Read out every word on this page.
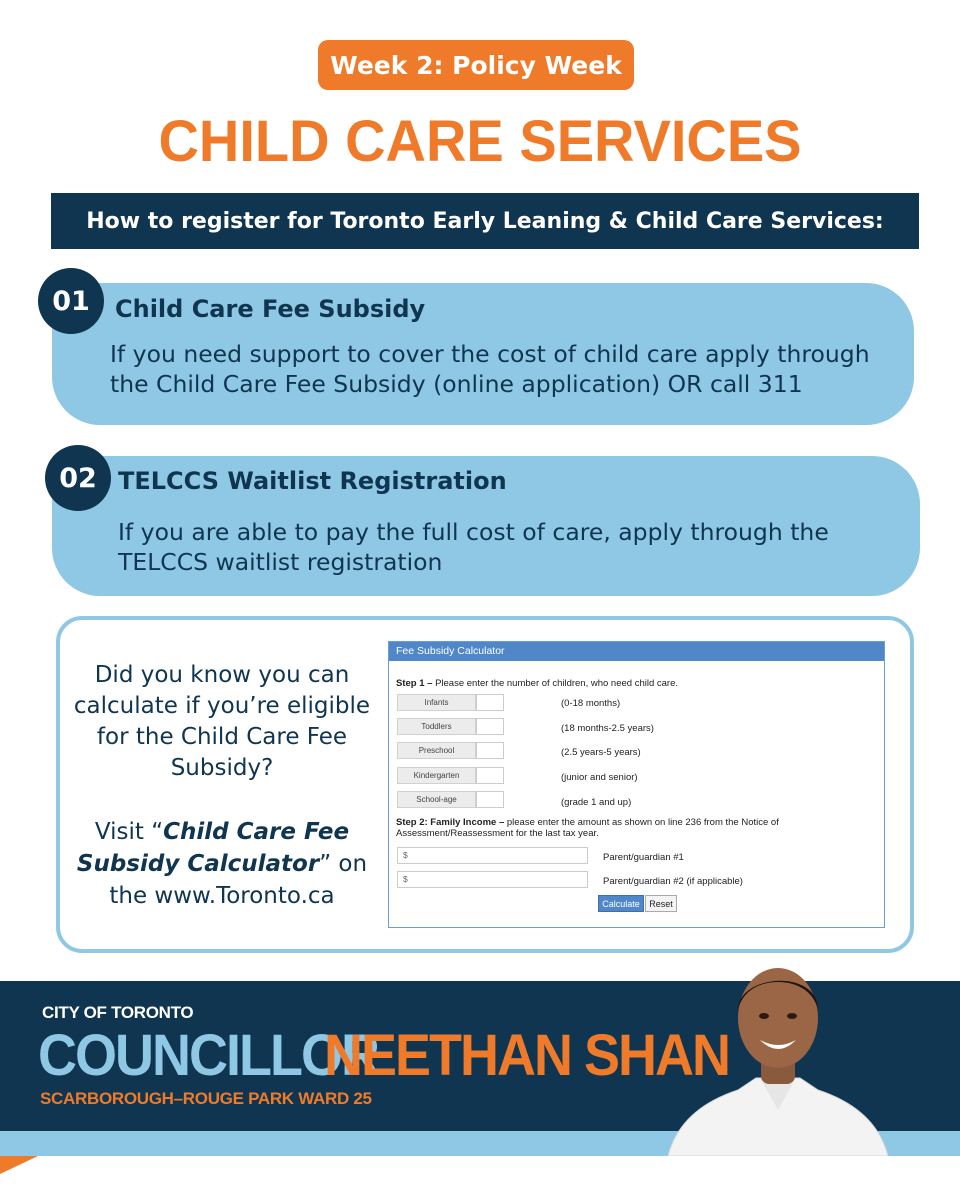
Week 2: Policy Week
CHILD CARE SERVICES
How to register for Toronto Early Leaning & Child Care Services:
01	Child Care Fee Subsidy
If you need support to cover the cost of child care apply through the Child Care Fee Subsidy (online application) OR call 311
02 TELCCS Waitlist Registration
If you are able to pay the full cost of care, apply through the TELCCS waitlist registration
Did you know you can calculate if you’re eligible for the Child Care Fee Subsidy?
Visit “Child Care Fee Subsidy Calculator” on the www.Toronto.ca
Fee Subsidy Calculator
Step 1 – Please enter the number of children, who need child care.
Infants	(0-18 months)
Toddlers	(18 months-2.5 years)
Preschool	(2.5 years-5 years)
Kindergarten	(junior and senior)
School-age	(grade 1 and up)
Step 2: Family Income – please enter the amount as shown on line 236 from the Notice of Assessment/Reassessment for the last tax year.
$	Parent/guardian #1
$	Parent/guardian #2 (if applicable)
Calculate	Reset
CITY OF TORONTO
COUNCILLOR
NEETHAN SHAN
SCARBOROUGH–ROUGE PARK WARD 25
